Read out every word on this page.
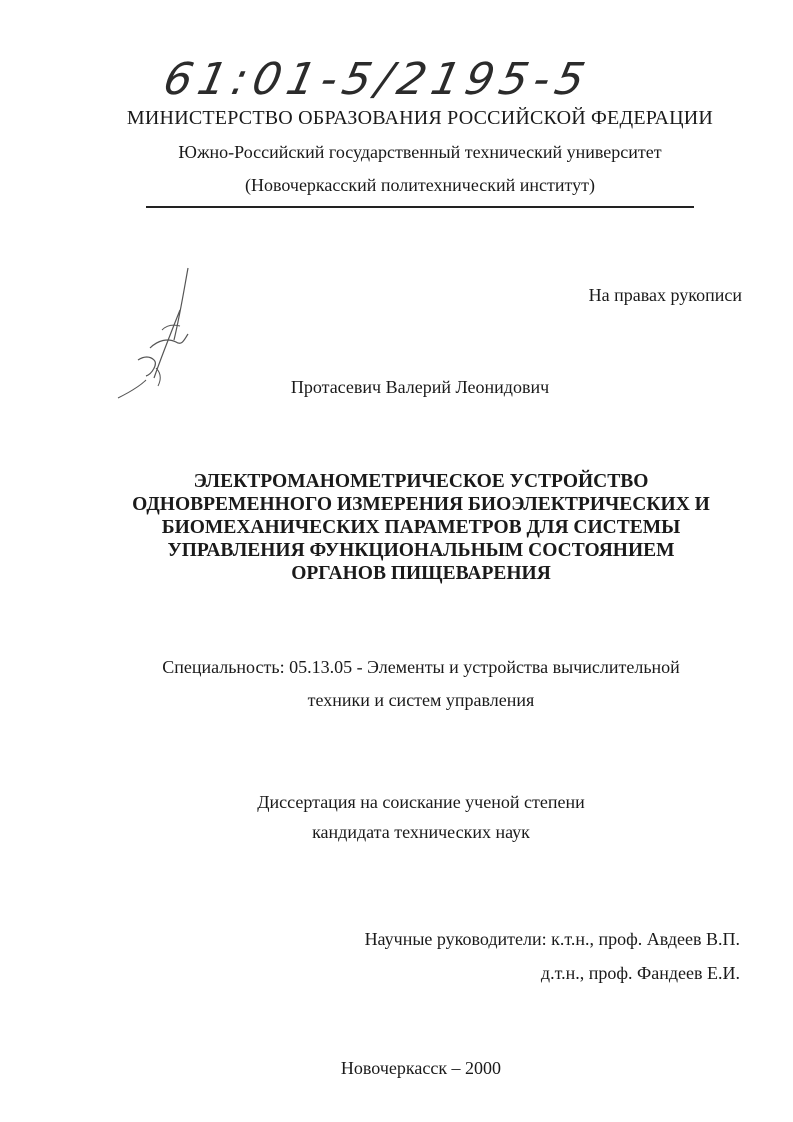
61:01-5/2195-5
МИНИСТЕРСТВО ОБРАЗОВАНИЯ РОССИЙСКОЙ ФЕДЕРАЦИИ
Южно-Российский государственный технический университет
(Новочеркасский политехнический институт)
На правах рукописи
Протасевич Валерий Леонидович
ЭЛЕКТРОМАНОМЕТРИЧЕСКОЕ УСТРОЙСТВО
ОДНОВРЕМЕННОГО ИЗМЕРЕНИЯ БИОЭЛЕКТРИЧЕСКИХ И
БИОМЕХАНИЧЕСКИХ ПАРАМЕТРОВ ДЛЯ СИСТЕМЫ
УПРАВЛЕНИЯ ФУНКЦИОНАЛЬНЫМ СОСТОЯНИЕМ
ОРГАНОВ ПИЩЕВАРЕНИЯ
Специальность: 05.13.05 - Элементы и устройства вычислительной
техники и систем управления
Диссертация на соискание ученой степени
кандидата технических наук
Научные руководители: к.т.н., проф. Авдеев В.П.
д.т.н., проф. Фандеев Е.И.
Новочеркасск – 2000
